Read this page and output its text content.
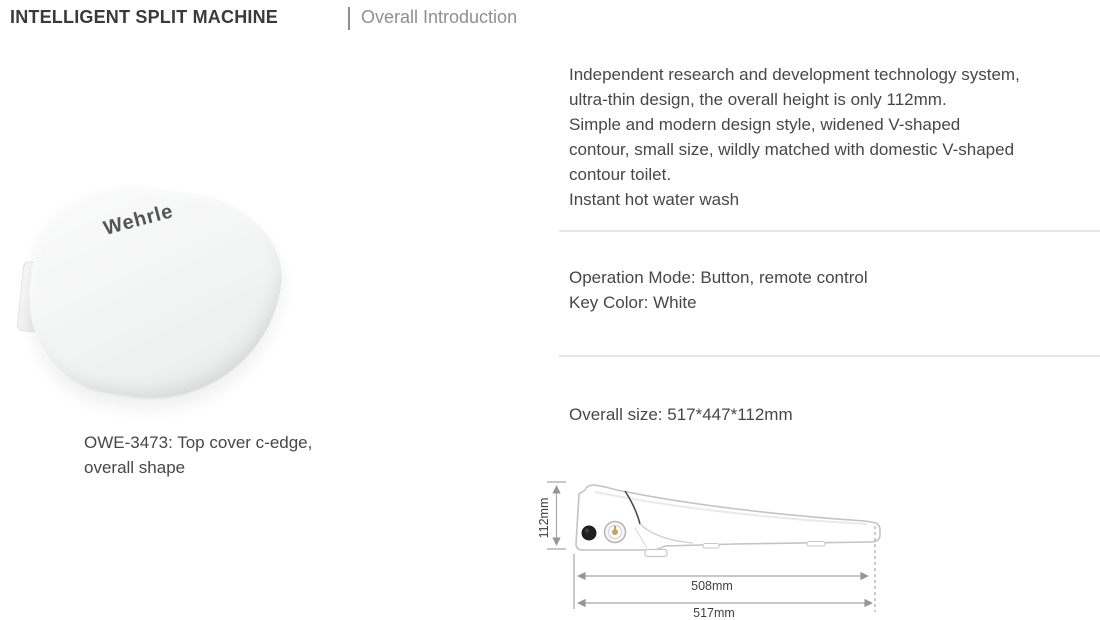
INTELLIGENT SPLIT MACHINE	Overall Introduction
Wehrle
OWE-3473: Top cover c-edge,
overall shape
Independent research and development technology system,
ultra-thin design, the overall height is only 112mm.
Simple and modern design style, widened V-shaped
contour, small size, wildly matched with domestic V-shaped
contour toilet.
Instant hot water wash
Operation Mode: Button, remote control
Key Color: White
Overall size: 517*447*112mm
112mm
508mm
517mm
